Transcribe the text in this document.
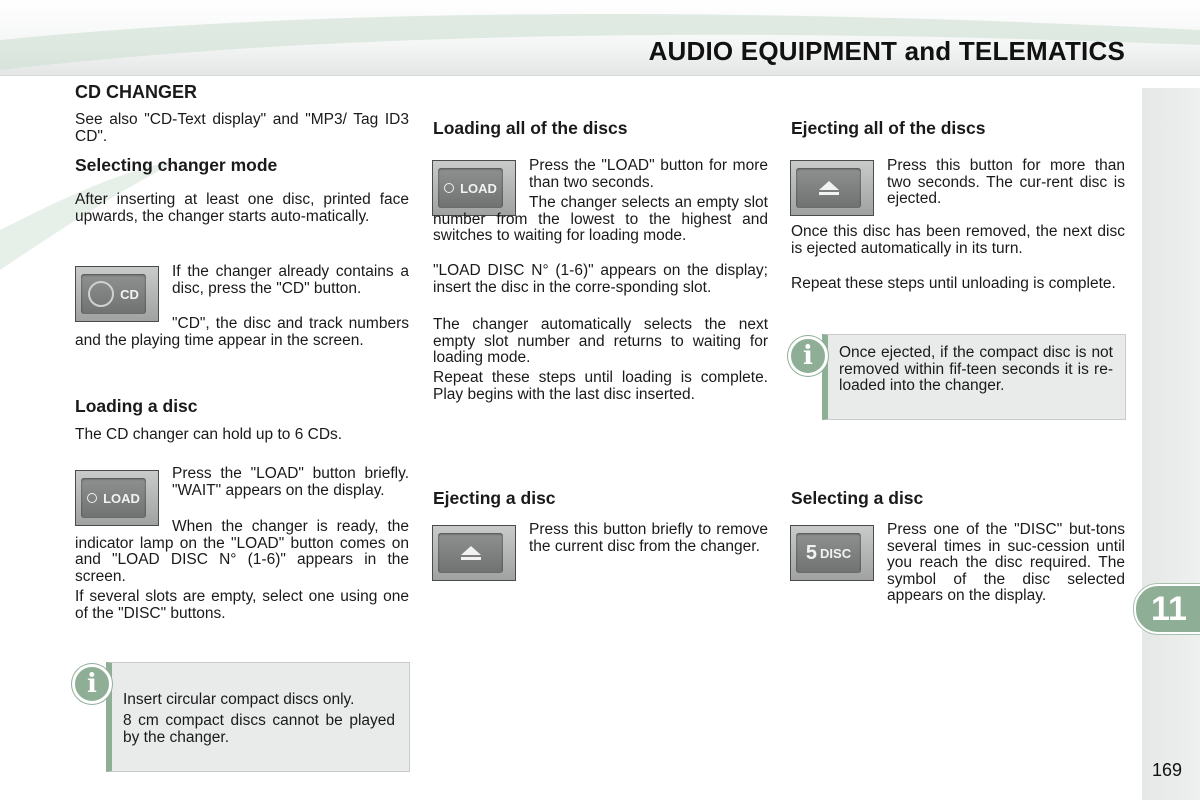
AUDIO EQUIPMENT and TELEMATICS
11
169
CD CHANGER
See also "CD-Text display" and "MP3/ Tag ID3 CD".
Selecting changer mode
After inserting at least one disc, printed face upwards, the changer starts auto-matically.
CD
If the changer already contains a disc, press the "CD" button.
"CD", the disc and track numbers and the playing time appear in the screen.
Loading a disc
The CD changer can hold up to 6 CDs.
LOAD
Press the "LOAD" button briefly. "WAIT" appears on the display.
When the changer is ready, the indicator lamp on the "LOAD" button comes on and "LOAD DISC N° (1-6)" appears in the screen.
If several slots are empty, select one using one of the "DISC" buttons.
Insert circular compact discs only.
8 cm compact discs cannot be played by the changer.
i
Loading all of the discs
LOAD
Press the "LOAD" button for more than two seconds.
The changer selects an empty slot number from the lowest to the highest and switches to waiting for loading mode.
"LOAD DISC N° (1-6)" appears on the display; insert the disc in the corre-sponding slot.
The changer automatically selects the next empty slot number and returns to waiting for loading mode.
Repeat these steps until loading is complete. Play begins with the last disc inserted.
Ejecting a disc
Press this button briefly to remove the current disc from the changer.
Ejecting all of the discs
Press this button for more than two seconds. The cur-rent disc is ejected.
Once this disc has been removed, the next disc is ejected automatically in its turn.
Repeat these steps until unloading is complete.
Once ejected, if the compact disc is not removed within fif-teen seconds it is re-loaded into the changer.
i
Selecting a disc
5 DISC
Press one of the "DISC" but-tons several times in suc-cession until you reach the disc required. The symbol of the disc selected appears on the display.
